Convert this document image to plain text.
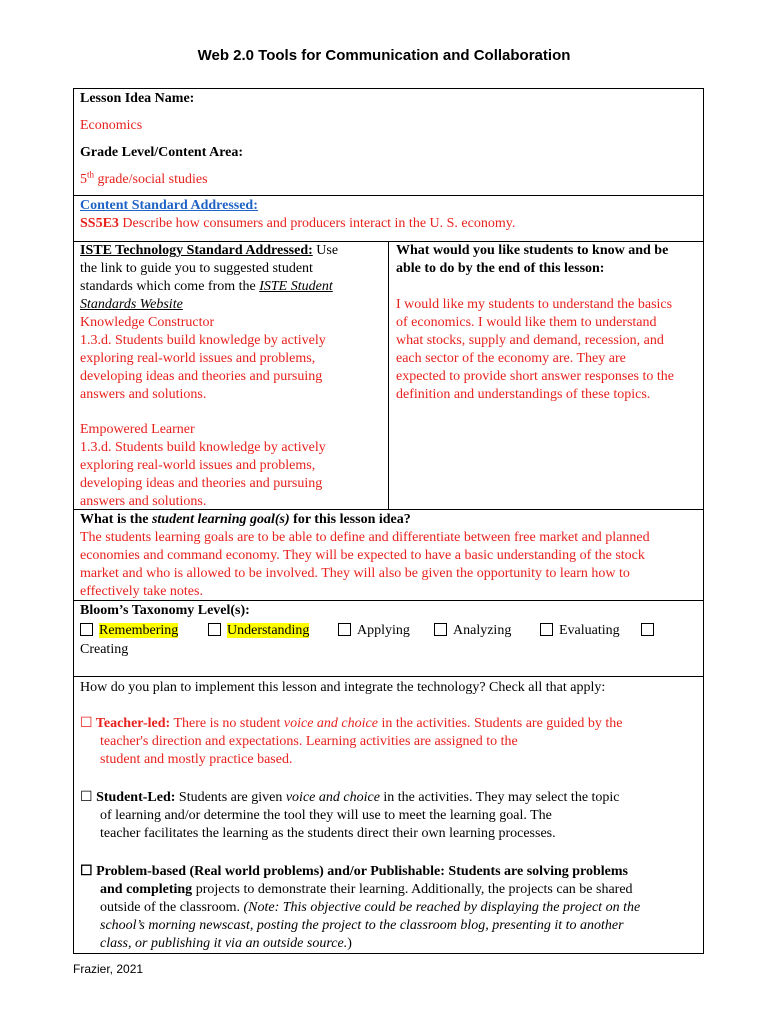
Web 2.0 Tools for Communication and Collaboration
Lesson Idea Name:
Economics
Grade Level/Content Area:
5th grade/social studies
Content Standard Addressed:
SS5E3 Describe how consumers and producers interact in the U. S. economy.
ISTE Technology Standard Addressed: Use
the link to guide you to suggested student
standards which come from the ISTE Student
Standards Website
Knowledge Constructor
1.3.d. Students build knowledge by actively
exploring real-world issues and problems,
developing ideas and theories and pursuing
answers and solutions.
Empowered Learner
1.3.d. Students build knowledge by actively
exploring real-world issues and problems,
developing ideas and theories and pursuing
answers and solutions.
What would you like students to know and be
able to do by the end of this lesson:
I would like my students to understand the basics
of economics. I would like them to understand
what stocks, supply and demand, recession, and
each sector of the economy are. They are
expected to provide short answer responses to the
definition and understandings of these topics.
What is the student learning goal(s) for this lesson idea?
The students learning goals are to be able to define and differentiate between free market and planned
economies and command economy. They will be expected to have a basic understanding of the stock
market and who is allowed to be involved. They will also be given the opportunity to learn how to
effectively take notes.
Bloom’s Taxonomy Level(s):
Remembering	Understanding	Applying	Analyzing	Evaluating
Creating
How do you plan to implement this lesson and integrate the technology? Check all that apply:
☐ Teacher-led: There is no student voice and choice in the activities. Students are guided by the
teacher's direction and expectations. Learning activities are assigned to the
student and mostly practice based.
☐ Student-Led: Students are given voice and choice in the activities. They may select the topic
of learning and/or determine the tool they will use to meet the learning goal. The
teacher facilitates the learning as the students direct their own learning processes.
☐ Problem-based (Real world problems) and/or Publishable: Students are solving problems
and completing projects to demonstrate their learning. Additionally, the projects can be shared
outside of the classroom. (Note: This objective could be reached by displaying the project on the
school’s morning newscast, posting the project to the classroom blog, presenting it to another
class, or publishing it via an outside source.)
Frazier, 2021
